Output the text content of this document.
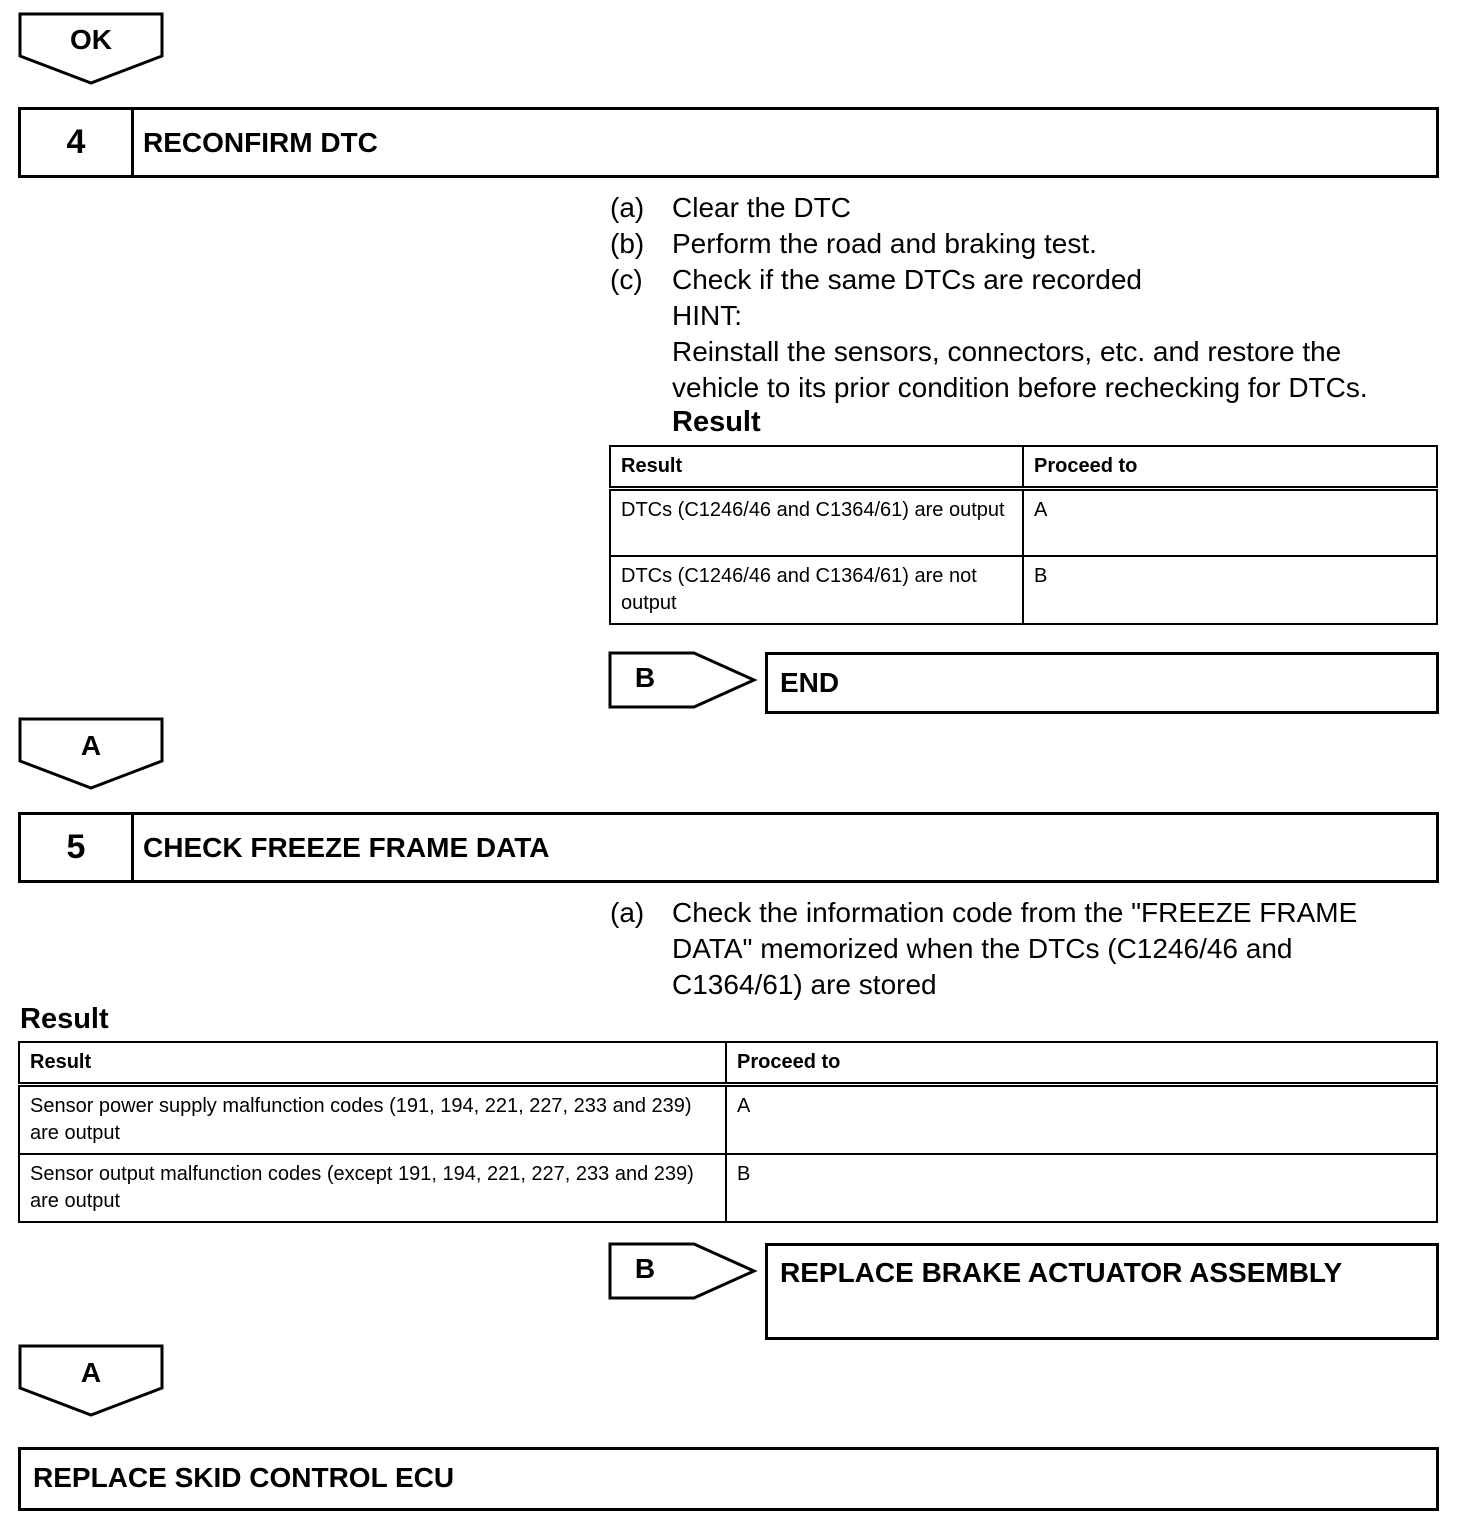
OK
4	RECONFIRM DTC
(a) Clear the DTC
(b) Perform the road and braking test.
(c) Check if the same DTCs are recorded
HINT:
Reinstall the sensors, connectors, etc. and restore the
vehicle to its prior condition before rechecking for DTCs.
Result
Result	Proceed to
DTCs (C1246/46 and C1364/61) are output	A
DTCs (C1246/46 and C1364/61) are not output	B
B	END
A
5	CHECK FREEZE FRAME DATA
(a) Check the information code from the "FREEZE FRAME
DATA" memorized when the DTCs (C1246/46 and
C1364/61) are stored
Result
Result	Proceed to
Sensor power supply malfunction codes (191, 194, 221, 227, 233 and 239) are output	A
Sensor output malfunction codes (except 191, 194, 221, 227, 233 and 239) are output	B
B	REPLACE BRAKE ACTUATOR ASSEMBLY
A
REPLACE SKID CONTROL ECU
